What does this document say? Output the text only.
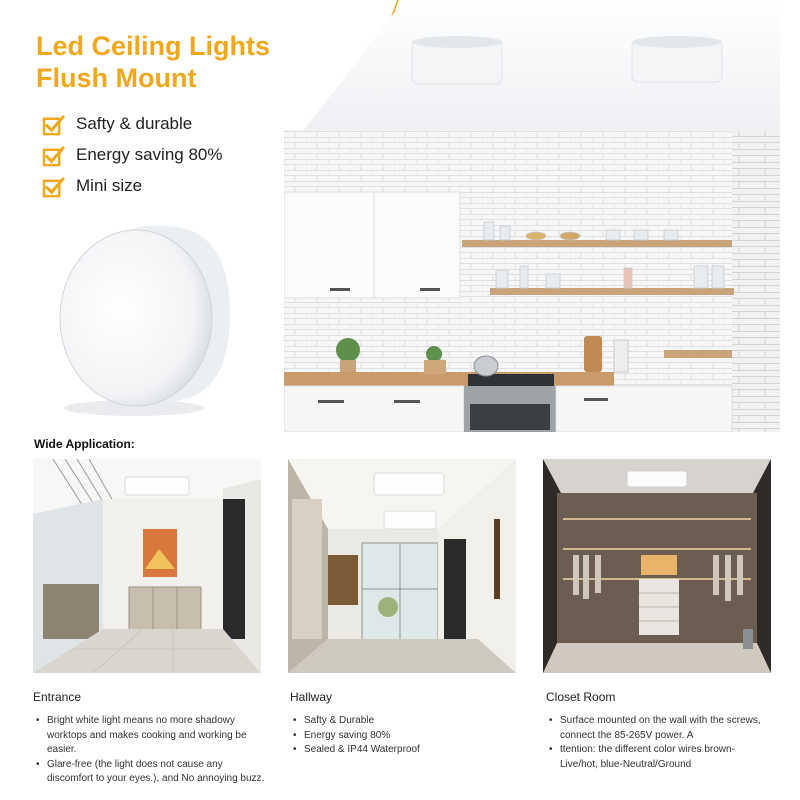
Led Ceiling Lights
Flush Mount
Safty & durable
Energy saving 80%
Mini size
Wide Application:
Entrance	Hallway	Closet Room
• Bright white light means no more shadowy worktops and makes cooking and working be easier.
• Glare-free (the light does not cause any discomfort to your eyes.), and No annoying buzz.
• Safty & Durable
• Energy saving 80%
• Sealed & IP44 Waterproof
• Surface mounted on the wall with the screws, connect the 85-265V power. A
• ttention: the different color wires brown-Live/hot, blue-Neutral/Ground
